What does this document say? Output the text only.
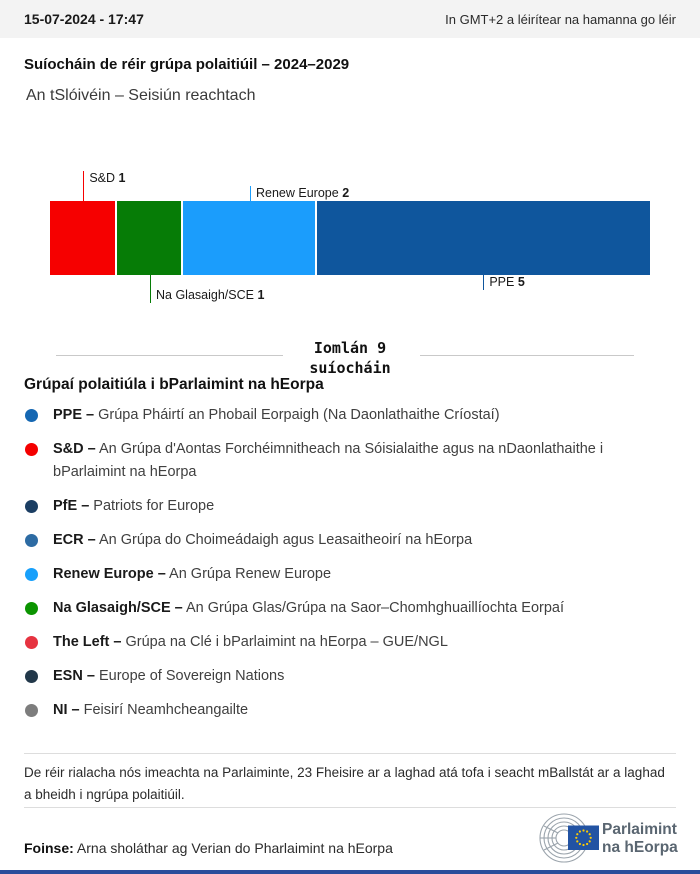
15-07-2024 - 17:47	In GMT+2 a léirítear na hamanna go léir
Suíocháin de réir grúpa polaitiúil – 2024–2029
An tSlóivéin – Seisiún reachtach
S&D 1
Na Glasaigh/SCE 1
Renew Europe 2
PPE 5
Iomlán 9
suíocháin
Grúpaí polaitiúla i bParlaimint na hEorpa
PPE – Grúpa Pháirtí an Phobail Eorpaigh (Na Daonlathaithe Críostaí)
S&D – An Grúpa d'Aontas Forchéimnitheach na Sóisialaithe agus na nDaonlathaithe i bParlaimint na hEorpa
PfE – Patriots for Europe
ECR – An Grúpa do Choimeádaigh agus Leasaitheoirí na hEorpa
Renew Europe – An Grúpa Renew Europe
Na Glasaigh/SCE – An Grúpa Glas/Grúpa na Saor–Chomhghuaillíochta Eorpaí
The Left – Grúpa na Clé i bParlaimint na hEorpa – GUE/NGL
ESN – Europe of Sovereign Nations
NI – Feisirí Neamhcheangailte
De réir rialacha nós imeachta na Parlaiminte, 23 Fheisire ar a laghad atá tofa i seacht mBallstát ar a laghad a bheidh i ngrúpa polaitiúil.
Foinse: Arna sholáthar ag Verian do Pharlaimint na hEorpa
Parlaimint
na hEorpa
